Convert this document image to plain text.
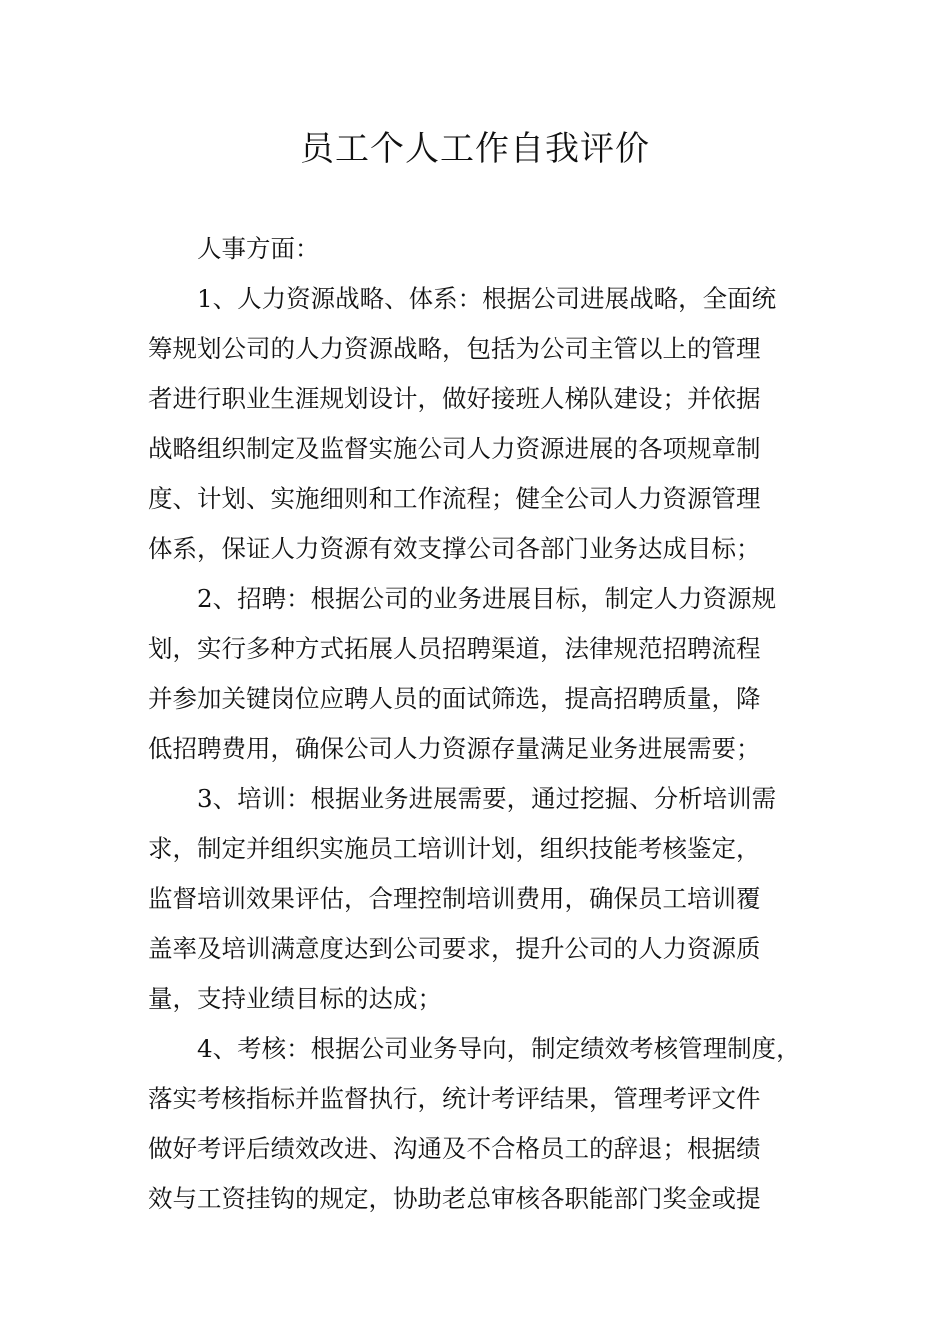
员工个人工作自我评价
人事方面：
1、人力资源战略、体系：根据公司进展战略，全面统
筹规划公司的人力资源战略，包括为公司主管以上的管理
者进行职业生涯规划设计，做好接班人梯队建设；并依据
战略组织制定及监督实施公司人力资源进展的各项规章制
度、计划、实施细则和工作流程；健全公司人力资源管理
体系，保证人力资源有效支撑公司各部门业务达成目标；
2、招聘：根据公司的业务进展目标，制定人力资源规
划，实行多种方式拓展人员招聘渠道，法律规范招聘流程
并参加关键岗位应聘人员的面试筛选，提高招聘质量，降
低招聘费用，确保公司人力资源存量满足业务进展需要；
3、培训：根据业务进展需要，通过挖掘、分析培训需
求，制定并组织实施员工培训计划，组织技能考核鉴定，
监督培训效果评估，合理控制培训费用，确保员工培训覆
盖率及培训满意度达到公司要求，提升公司的人力资源质
量，支持业绩目标的达成；
4、考核：根据公司业务导向，制定绩效考核管理制度，
落实考核指标并监督执行，统计考评结果，管理考评文件
做好考评后绩效改进、沟通及不合格员工的辞退；根据绩
效与工资挂钩的规定，协助老总审核各职能部门奖金或提
